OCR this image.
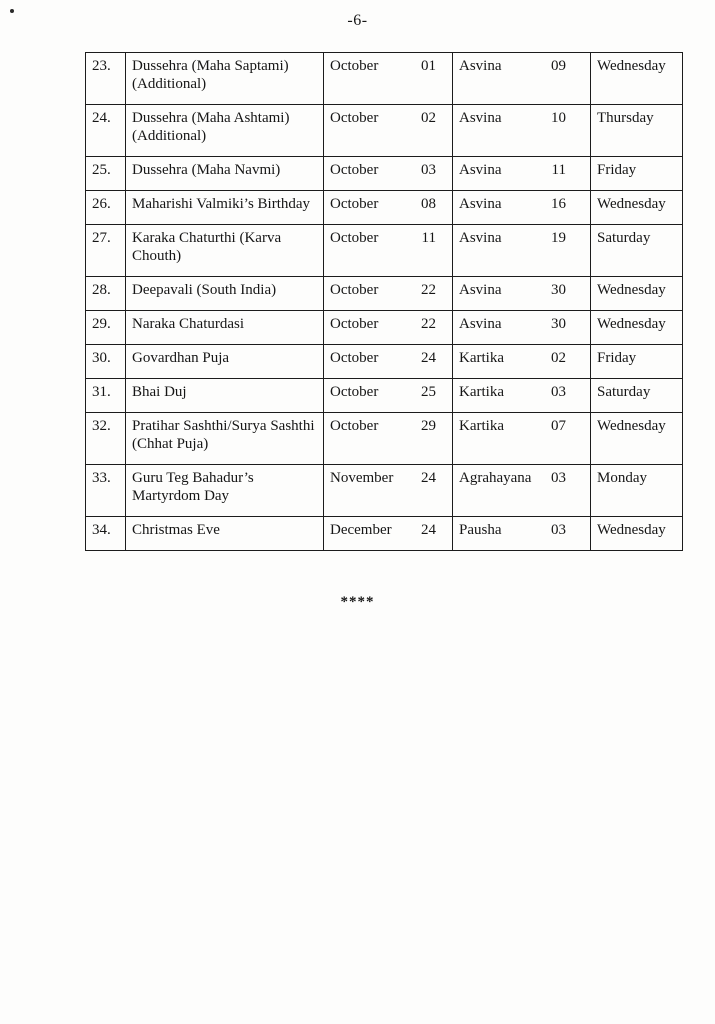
-6-
23.	Dussehra (Maha Saptami) (Additional)	October 01	Asvina 09	Wednesday
24.	Dussehra (Maha Ashtami) (Additional)	October 02	Asvina 10	Thursday
25.	Dussehra (Maha Navmi)	October 03	Asvina 11	Friday
26.	Maharishi Valmiki’s Birthday	October 08	Asvina 16	Wednesday
27.	Karaka Chaturthi (Karva Chouth)	October 11	Asvina 19	Saturday
28.	Deepavali (South India)	October 22	Asvina 30	Wednesday
29.	Naraka Chaturdasi	October 22	Asvina 30	Wednesday
30.	Govardhan Puja	October 24	Kartika 02	Friday
31.	Bhai Duj	October 25	Kartika 03	Saturday
32.	Pratihar Sashthi/Surya Sashthi (Chhat Puja)	October 29	Kartika 07	Wednesday
33.	Guru Teg Bahadur’s Martyrdom Day	November 24	Agrahayana 03	Monday
34.	Christmas Eve	December 24	Pausha 03	Wednesday
****
